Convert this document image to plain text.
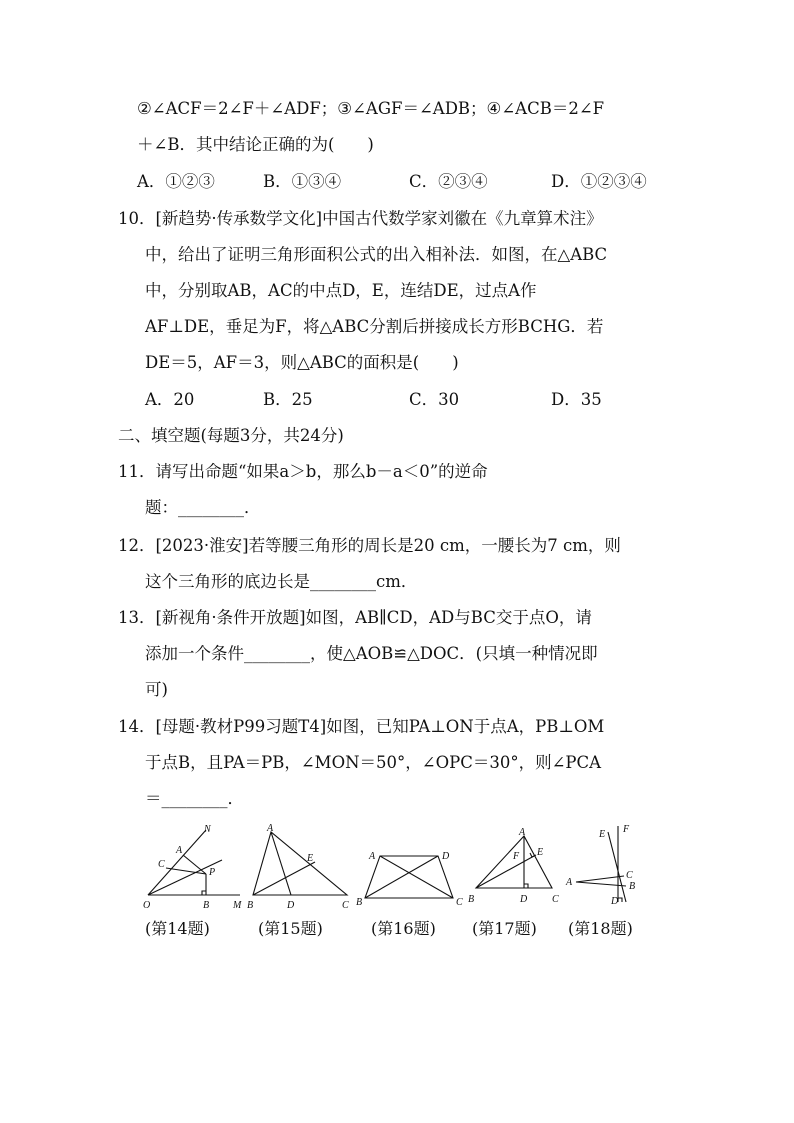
②∠ACF＝2∠F＋∠ADF；③∠AGF＝∠ADB；④∠ACB＝2∠F
＋∠B．其中结论正确的为(　　)
A．①②③	B．①③④	C．②③④	D．①②③④
10．[新趋势·传承数学文化]中国古代数学家刘徽在《九章算术注》
中，给出了证明三角形面积公式的出入相补法．如图，在△ABC
中，分别取AB，AC的中点D，E，连结DE，过点A作
AF⊥DE，垂足为F，将△ABC分割后拼接成长方形BCHG．若
DE＝5，AF＝3，则△ABC的面积是(　　)
A．20	B．25	C．30	D．35
二、填空题(每题3分，共24分)
11．请写出命题“如果a＞b，那么b－a＜0”的逆命
题：________．
12．[2023·淮安]若等腰三角形的周长是20 cm，一腰长为7 cm，则
这个三角形的底边长是________cm．
13．[新视角·条件开放题]如图，AB∥CD，AD与BC交于点O，请
添加一个条件________，使△AOB≌△DOC．(只填一种情况即
可)
14．[母题·教材P99习题T4]如图，已知PA⊥ON于点A，PB⊥OM
于点B，且PA＝PB，∠MON＝50°，∠OPC＝30°，则∠PCA
＝________．
N
A
C
P
O	B M
A
E
B	D	C
A	D
B	C
A
F E
B	D C
E F
C
A	B
D
(第14题)	(第15题)	(第16题) (第17题) (第18题)
